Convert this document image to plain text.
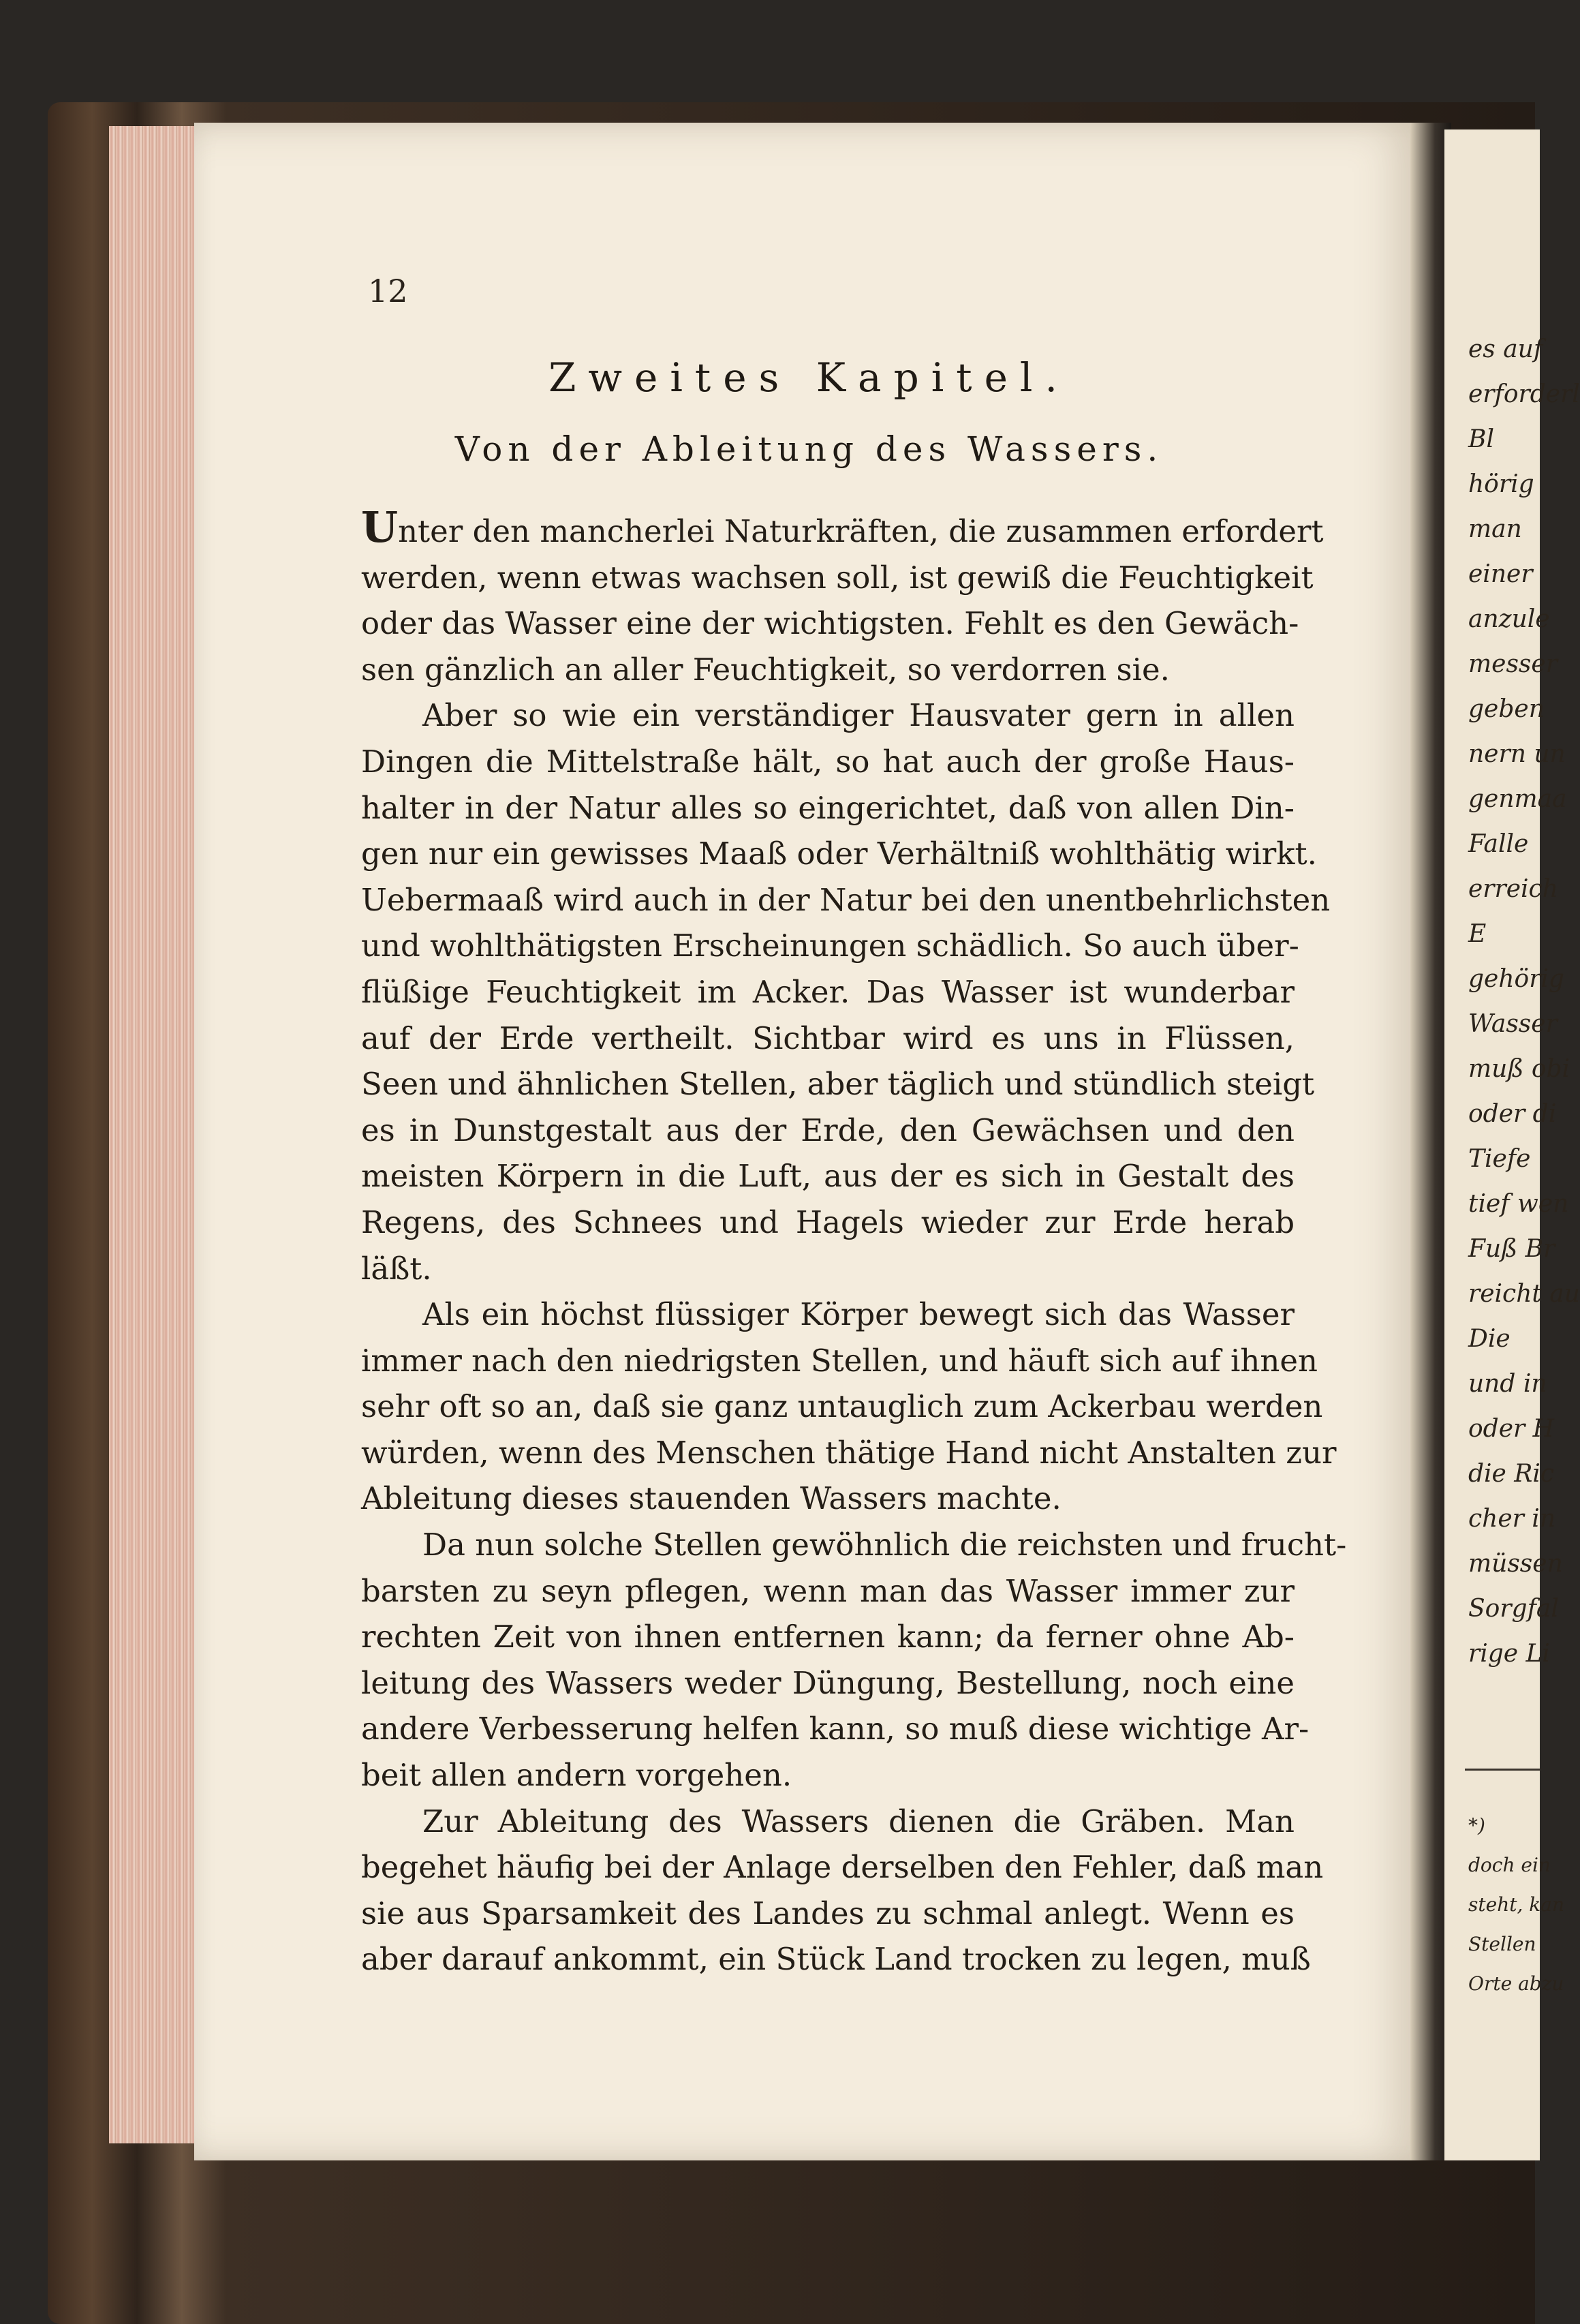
12
Zweites Kapitel.
Von der Ableitung des Wassers.

Unter den mancherlei Naturkräften, die zusammen erfordert
werden, wenn etwas wachsen soll, ist gewiß die Feuchtigkeit
oder das Wasser eine der wichtigsten. Fehlt es den Gewäch-
sen gänzlich an aller Feuchtigkeit, so verdorren sie.

Aber so wie ein verständiger Hausvater gern in allen
Dingen die Mittelstraße hält, so hat auch der große Haus-
halter in der Natur alles so eingerichtet, daß von allen Din-
gen nur ein gewisses Maaß oder Verhältniß wohlthätig wirkt.
Uebermaaß wird auch in der Natur bei den unentbehrlichsten
und wohlthätigsten Erscheinungen schädlich. So auch über-
flüßige Feuchtigkeit im Acker. Das Wasser ist wunderbar
auf der Erde vertheilt. Sichtbar wird es uns in Flüssen,
Seen und ähnlichen Stellen, aber täglich und stündlich steigt
es in Dunstgestalt aus der Erde, den Gewächsen und den
meisten Körpern in die Luft, aus der es sich in Gestalt des
Regens, des Schnees und Hagels wieder zur Erde herab
läßt.

Als ein höchst flüssiger Körper bewegt sich das Wasser
immer nach den niedrigsten Stellen, und häuft sich auf ihnen
sehr oft so an, daß sie ganz untauglich zum Ackerbau werden
würden, wenn des Menschen thätige Hand nicht Anstalten zur
Ableitung dieses stauenden Wassers machte.

Da nun solche Stellen gewöhnlich die reichsten und frucht-
barsten zu seyn pflegen, wenn man das Wasser immer zur
rechten Zeit von ihnen entfernen kann; da ferner ohne Ab-
leitung des Wassers weder Düngung, Bestellung, noch eine
andere Verbesserung helfen kann, so muß diese wichtige Ar-
beit allen andern vorgehen.

Zur Ableitung des Wassers dienen die Gräben. Man
begehet häufig bei der Anlage derselben den Fehler, daß man
sie aus Sparsamkeit des Landes zu schmal anlegt. Wenn es
aber darauf ankommt, ein Stück Land trocken zu legen, muß

es auf
erforderl
Bl
hörig
man
einer
anzule
messer
geben
nern un
genmaa
Falle
erreich
E
gehörig
Wasser
muß obi
oder di
Tiefe
tief wen
Fuß Br
reicht au
Die
und in
oder H
die Ric
cher in
müssen
Sorgfal
rige Li
*)
doch ein
steht, kan
Stellen
Orte abzu
